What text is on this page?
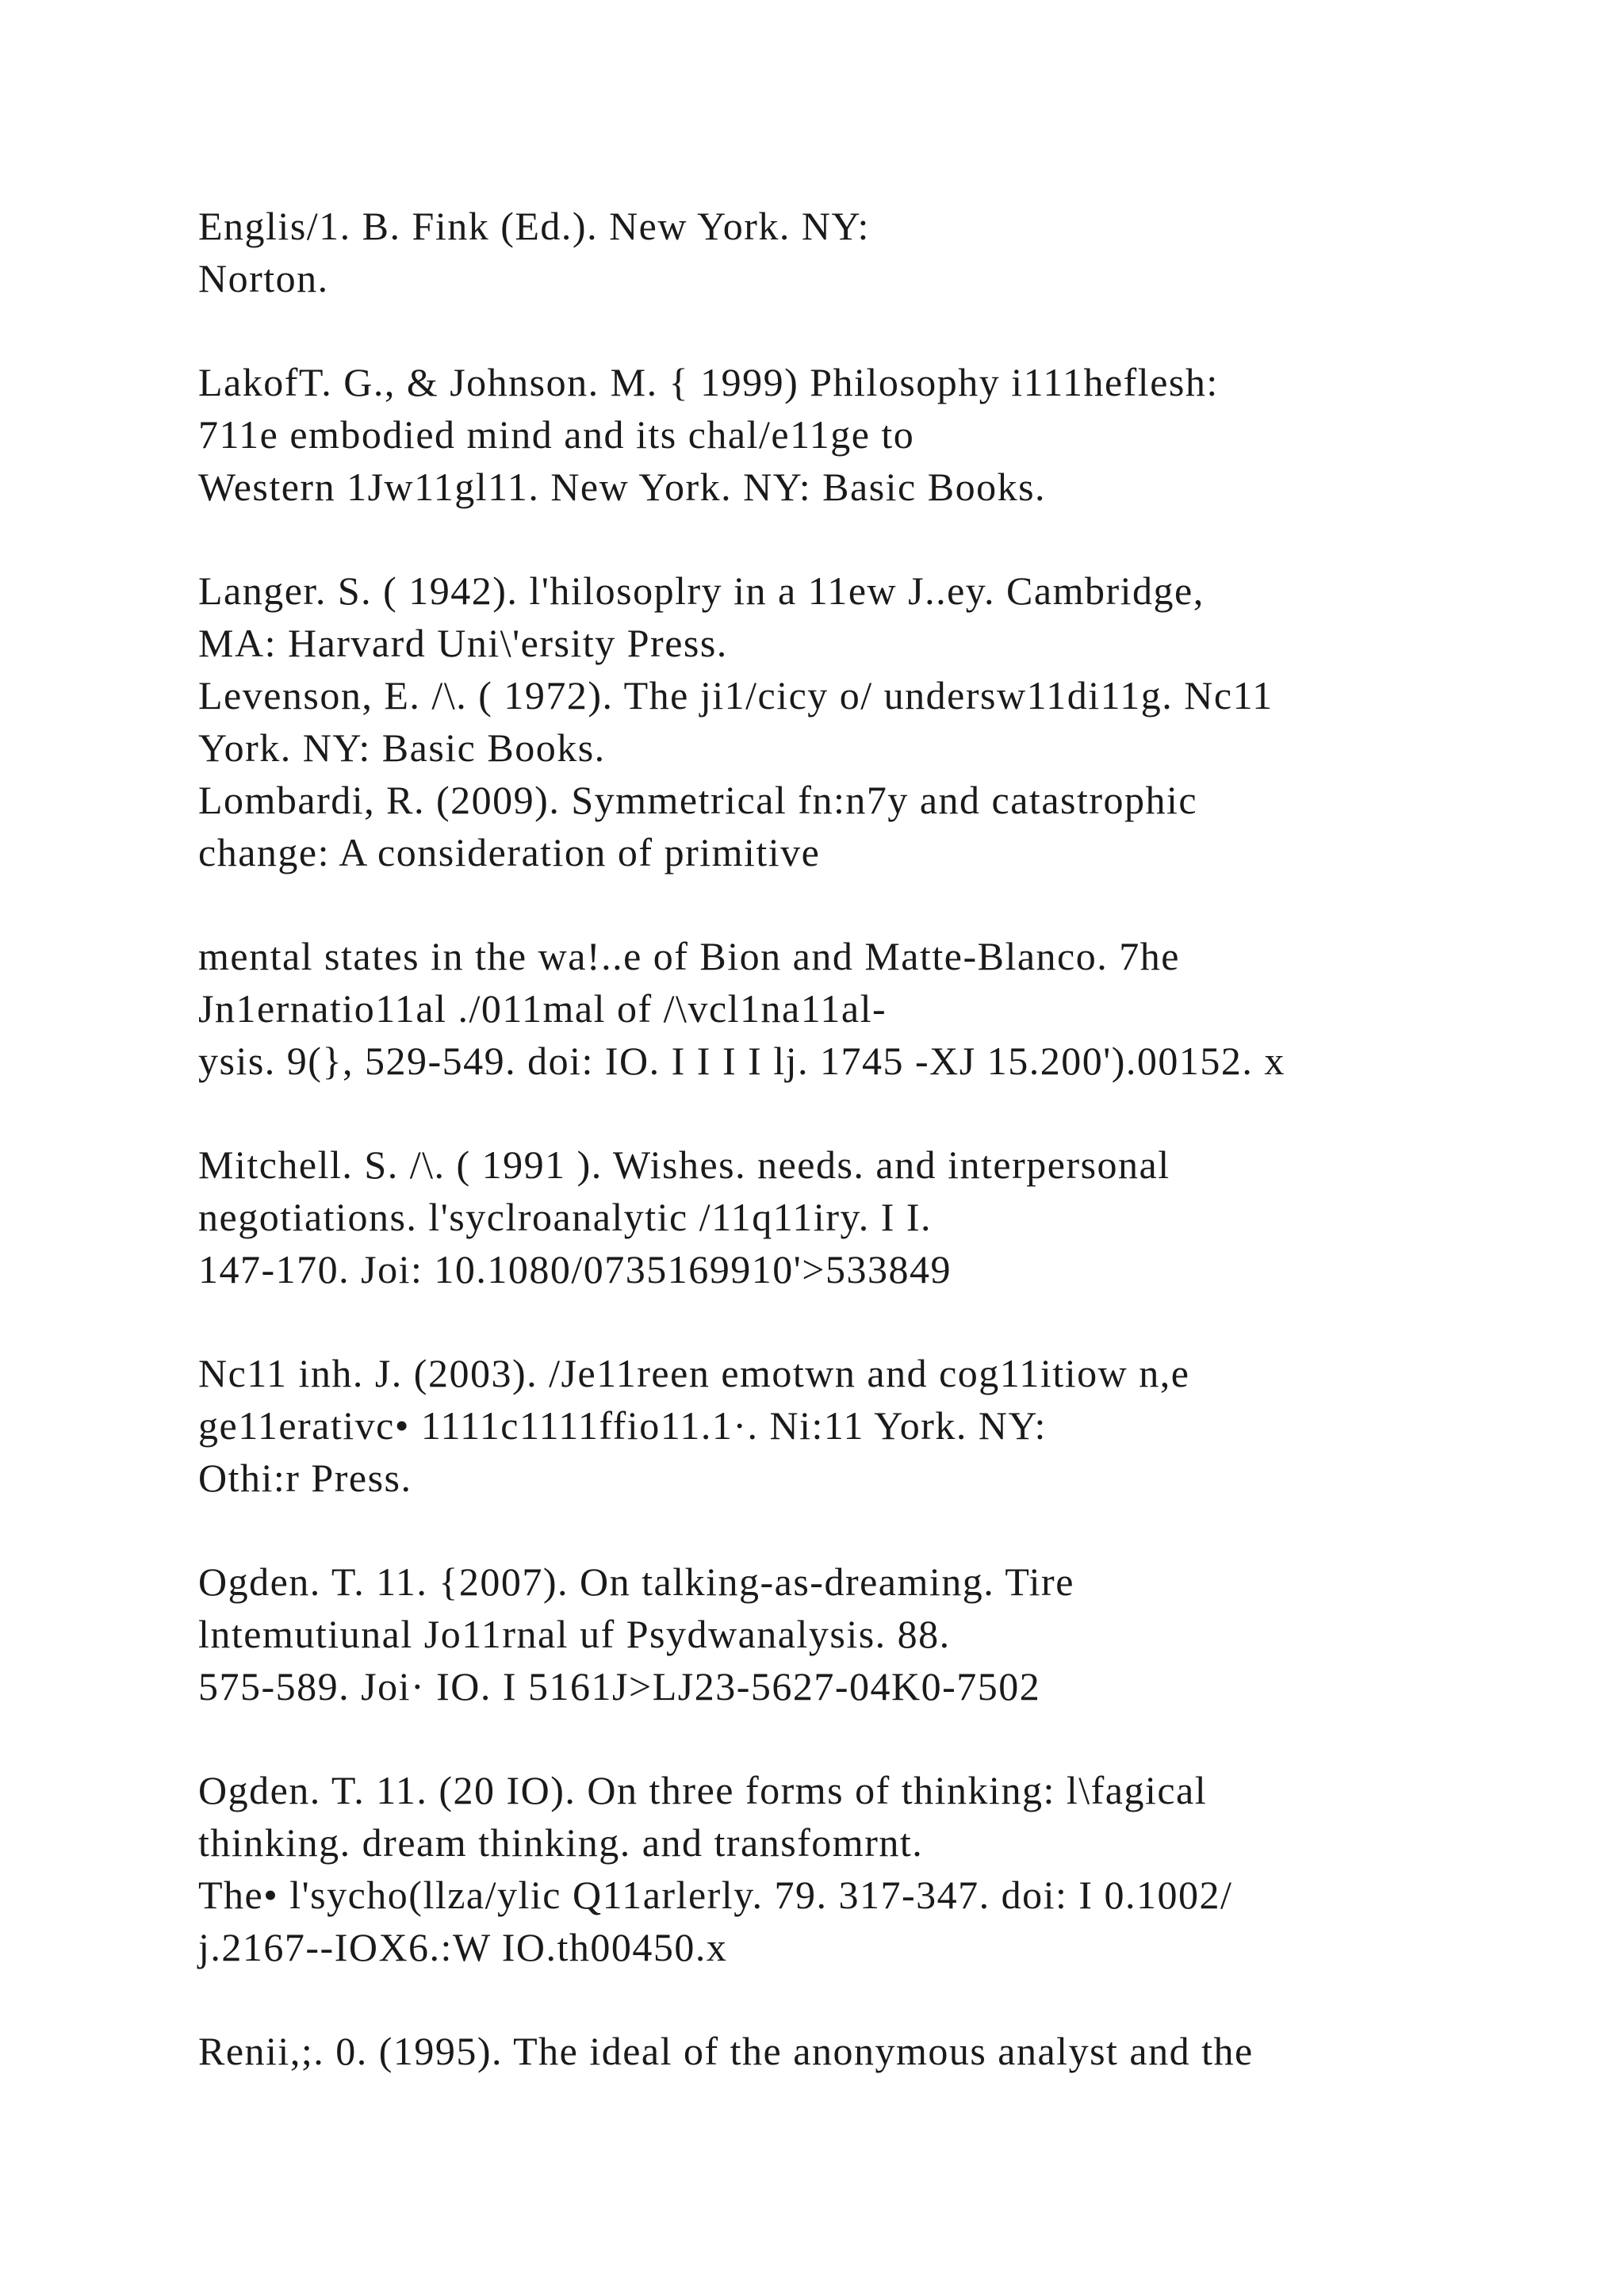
Englis/1. B. Fink (Ed.). New York. NY:

Norton.

LakofT. G., & Johnson. M. { 1999) Philosophy i111heflesh:

711e embodied mind and its chal/e11ge to

Western 1Jw11gl11. New York. NY: Basic Books.

Langer. S. ( 1942). l'hilosoplry in a 11ew J..ey. Cambridge,

MA: Harvard Uni\'ersity Press.

Levenson, E. /\. ( 1972). The ji1/cicy o/ undersw11di11g. Nc11

York. NY: Basic Books.

Lombardi, R. (2009). Symmetrical fn:n7y and catastrophic

change: A consideration of primitive

mental states in the wa!..e of Bion and Matte-Blanco. 7he

Jn1ernatio11al ./011mal of /\vcl1na11al-

ysis. 9(}, 529-549. doi: IO. I I I I lj. 1745 -XJ 15.200').00152. x

Mitchell. S. /\. ( 1991 ). Wishes. needs. and interpersonal

negotiations. l'syclroanalytic /11q11iry. I I.

147-170. Joi: 10.1080/0735169910'>533849

Nc11 inh. J. (2003). /Je11reen emotwn and cog11itiow n,e

ge11erativc• 1111c1111ffio11.1·. Ni:11 York. NY:

Othi:r Press.

Ogden. T. 11. {2007). On talking-as-dreaming. Tire

lntemutiunal Jo11rnal uf Psydwanalysis. 88.

575-589. Joi· IO. I 5161J>LJ23-5627-04K0-7502

Ogden. T. 11. (20 IO). On three forms of thinking: l\fagical

thinking. dream thinking. and transfomrnt.

The• l'sycho(llza/ylic Q11arlerly. 79. 317-347. doi: I 0.1002/

j.2167--IOX6.:W IO.th00450.x

Renii,;. 0. (1995). The ideal of the anonymous analyst and the
